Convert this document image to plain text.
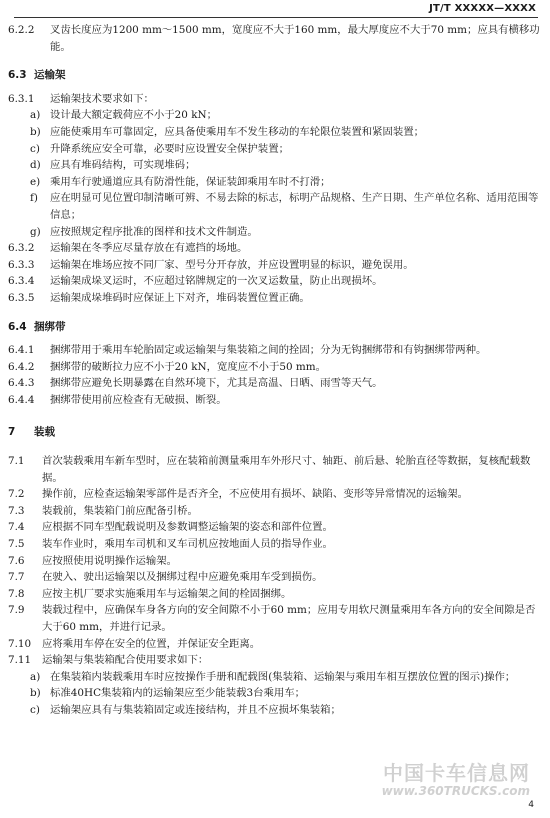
JT/T XXXXX—XXXX
6.2.2	叉齿长度应为1200 mm～1500 mm，宽度应不大于160 mm，最大厚度应不大于70 mm；应具有横移功能。
6.3 运输架
6.3.1	运输架技术要求如下：
a) 设计最大额定载荷应不小于20 kN；
b) 应能使乘用车可靠固定，应具备使乘用车不发生移动的车轮限位装置和紧固装置；
c) 升降系统应安全可靠，必要时应设置安全保护装置；
d) 应具有堆码结构，可实现堆码；
e) 乘用车行驶通道应具有防滑性能，保证装卸乘用车时不打滑；
f)	应在明显可见位置印制清晰可辨、不易去除的标志，标明产品规格、生产日期、生产单位名称、适用范围等信息；
g) 应按照规定程序批准的图样和技术文件制造。
6.3.2	运输架在冬季应尽量存放在有遮挡的场地。
6.3.3	运输架在堆场应按不同厂家、型号分开存放，并应设置明显的标识，避免误用。
6.3.4	运输架成垛叉运时，不应超过铭牌规定的一次叉运数量，防止出现损坏。
6.3.5	运输架成垛堆码时应保证上下对齐，堆码装置位置正确。
6.4 捆绑带
6.4.1	捆绑带用于乘用车轮胎固定或运输架与集装箱之间的拴固；分为无钩捆绑带和有钩捆绑带两种。
6.4.2	捆绑带的破断拉力应不小于20 kN，宽度应不小于50 mm。
6.4.3	捆绑带应避免长期暴露在自然环境下，尤其是高温、日晒、雨雪等天气。
6.4.4	捆绑带使用前应检查有无破损、断裂。
7	装载
7.1	首次装载乘用车新车型时，应在装箱前测量乘用车外形尺寸、轴距、前后悬、轮胎直径等数据，复核配载数据。
7.2	操作前，应检查运输架零部件是否齐全，不应使用有损坏、缺陷、变形等异常情况的运输架。
7.3	装载前，集装箱门前应配备引桥。
7.4	应根据不同车型配载说明及参数调整运输架的姿态和部件位置。
7.5	装车作业时，乘用车司机和叉车司机应按地面人员的指导作业。
7.6	应按照使用说明操作运输架。
7.7	在驶入、驶出运输架以及捆绑过程中应避免乘用车受到损伤。
7.8	应按主机厂要求实施乘用车与运输架之间的栓固捆绑。
7.9	装载过程中，应确保车身各方向的安全间隙不小于60 mm；应用专用软尺测量乘用车各方向的安全间隙是否大于60 mm，并进行记录。
7.10	应将乘用车停在安全的位置，并保证安全距离。
7.11	运输架与集装箱配合使用要求如下：
a) 在集装箱内装载乘用车时应按操作手册和配载图(集装箱、运输架与乘用车相互摆放位置的图示)操作；
b) 标准40HC集装箱内的运输架应至少能装载3台乘用车；
c) 运输架应具有与集装箱固定或连接结构，并且不应损坏集装箱；
中国卡车信息网
www.360TRUCKS.com
4
